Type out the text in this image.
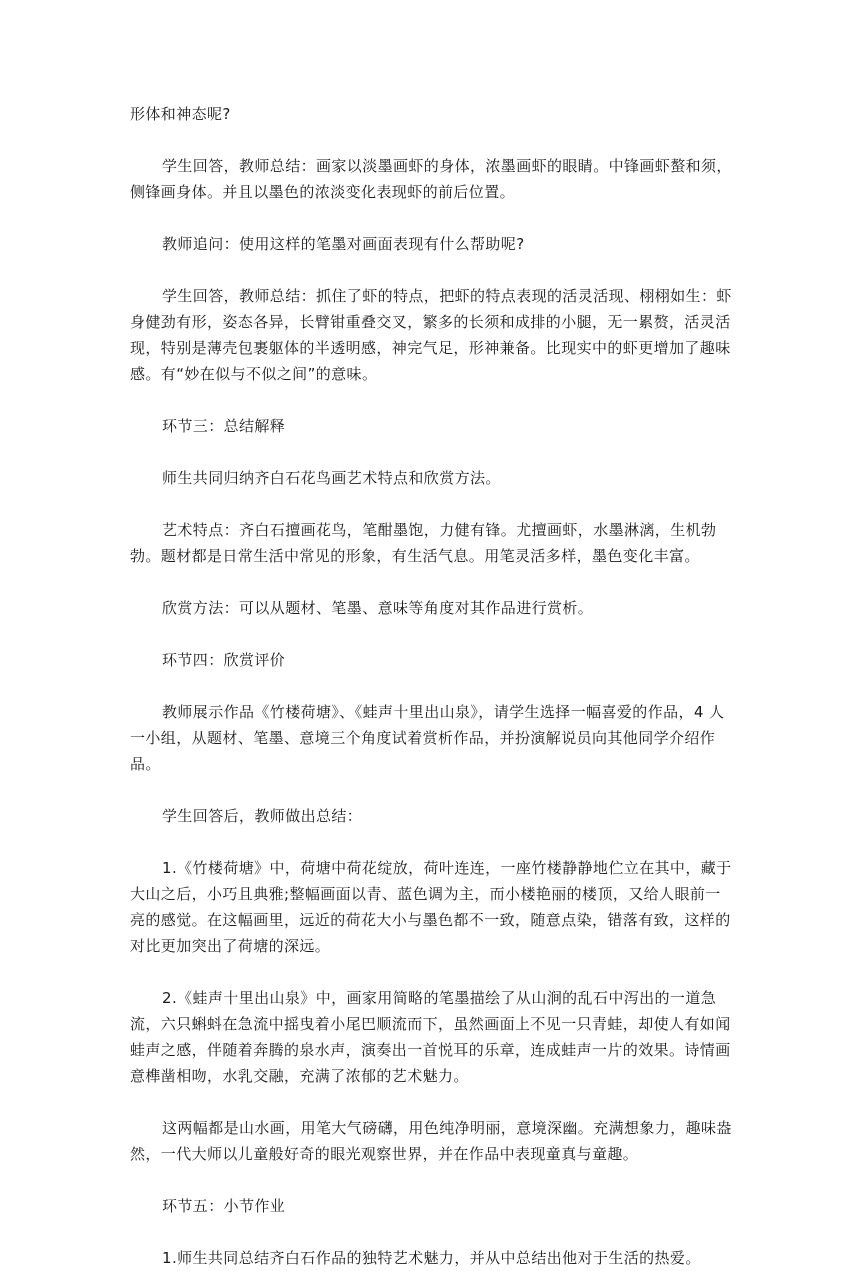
形体和神态呢?

学生回答，教师总结：画家以淡墨画虾的身体，浓墨画虾的眼睛。中锋画虾螯和须，侧锋画身体。并且以墨色的浓淡变化表现虾的前后位置。

教师追问：使用这样的笔墨对画面表现有什么帮助呢?

学生回答，教师总结：抓住了虾的特点，把虾的特点表现的活灵活现、栩栩如生：虾身健劲有形，姿态各异，长臂钳重叠交叉，繁多的长须和成排的小腿，无一累赘，活灵活现，特别是薄壳包裹躯体的半透明感，神完气足，形神兼备。比现实中的虾更增加了趣味感。有“妙在似与不似之间”的意味。

环节三：总结解释

师生共同归纳齐白石花鸟画艺术特点和欣赏方法。

艺术特点：齐白石擅画花鸟，笔酣墨饱，力健有锋。尤擅画虾，水墨淋漓，生机勃勃。题材都是日常生活中常见的形象，有生活气息。用笔灵活多样，墨色变化丰富。

欣赏方法：可以从题材、笔墨、意味等角度对其作品进行赏析。

环节四：欣赏评价

教师展示作品《竹楼荷塘》、《蛙声十里出山泉》，请学生选择一幅喜爱的作品，4 人一小组，从题材、笔墨、意境三个角度试着赏析作品，并扮演解说员向其他同学介绍作品。

学生回答后，教师做出总结：

1.《竹楼荷塘》中，荷塘中荷花绽放，荷叶连连，一座竹楼静静地伫立在其中，藏于大山之后，小巧且典雅;整幅画面以青、蓝色调为主，而小楼艳丽的楼顶，又给人眼前一亮的感觉。在这幅画里，远近的荷花大小与墨色都不一致，随意点染，错落有致，这样的对比更加突出了荷塘的深远。

2.《蛙声十里出山泉》中，画家用简略的笔墨描绘了从山涧的乱石中泻出的一道急流，六只蝌蚪在急流中摇曳着小尾巴顺流而下，虽然画面上不见一只青蛙，却使人有如闻蛙声之感，伴随着奔腾的泉水声，演奏出一首悦耳的乐章，连成蛙声一片的效果。诗情画意榫凿相吻，水乳交融，充满了浓郁的艺术魅力。

这两幅都是山水画，用笔大气磅礴，用色纯净明丽，意境深幽。充满想象力，趣味盎然，一代大师以儿童般好奇的眼光观察世界，并在作品中表现童真与童趣。

环节五：小节作业

1.师生共同总结齐白石作品的独特艺术魅力，并从中总结出他对于生活的热爱。
